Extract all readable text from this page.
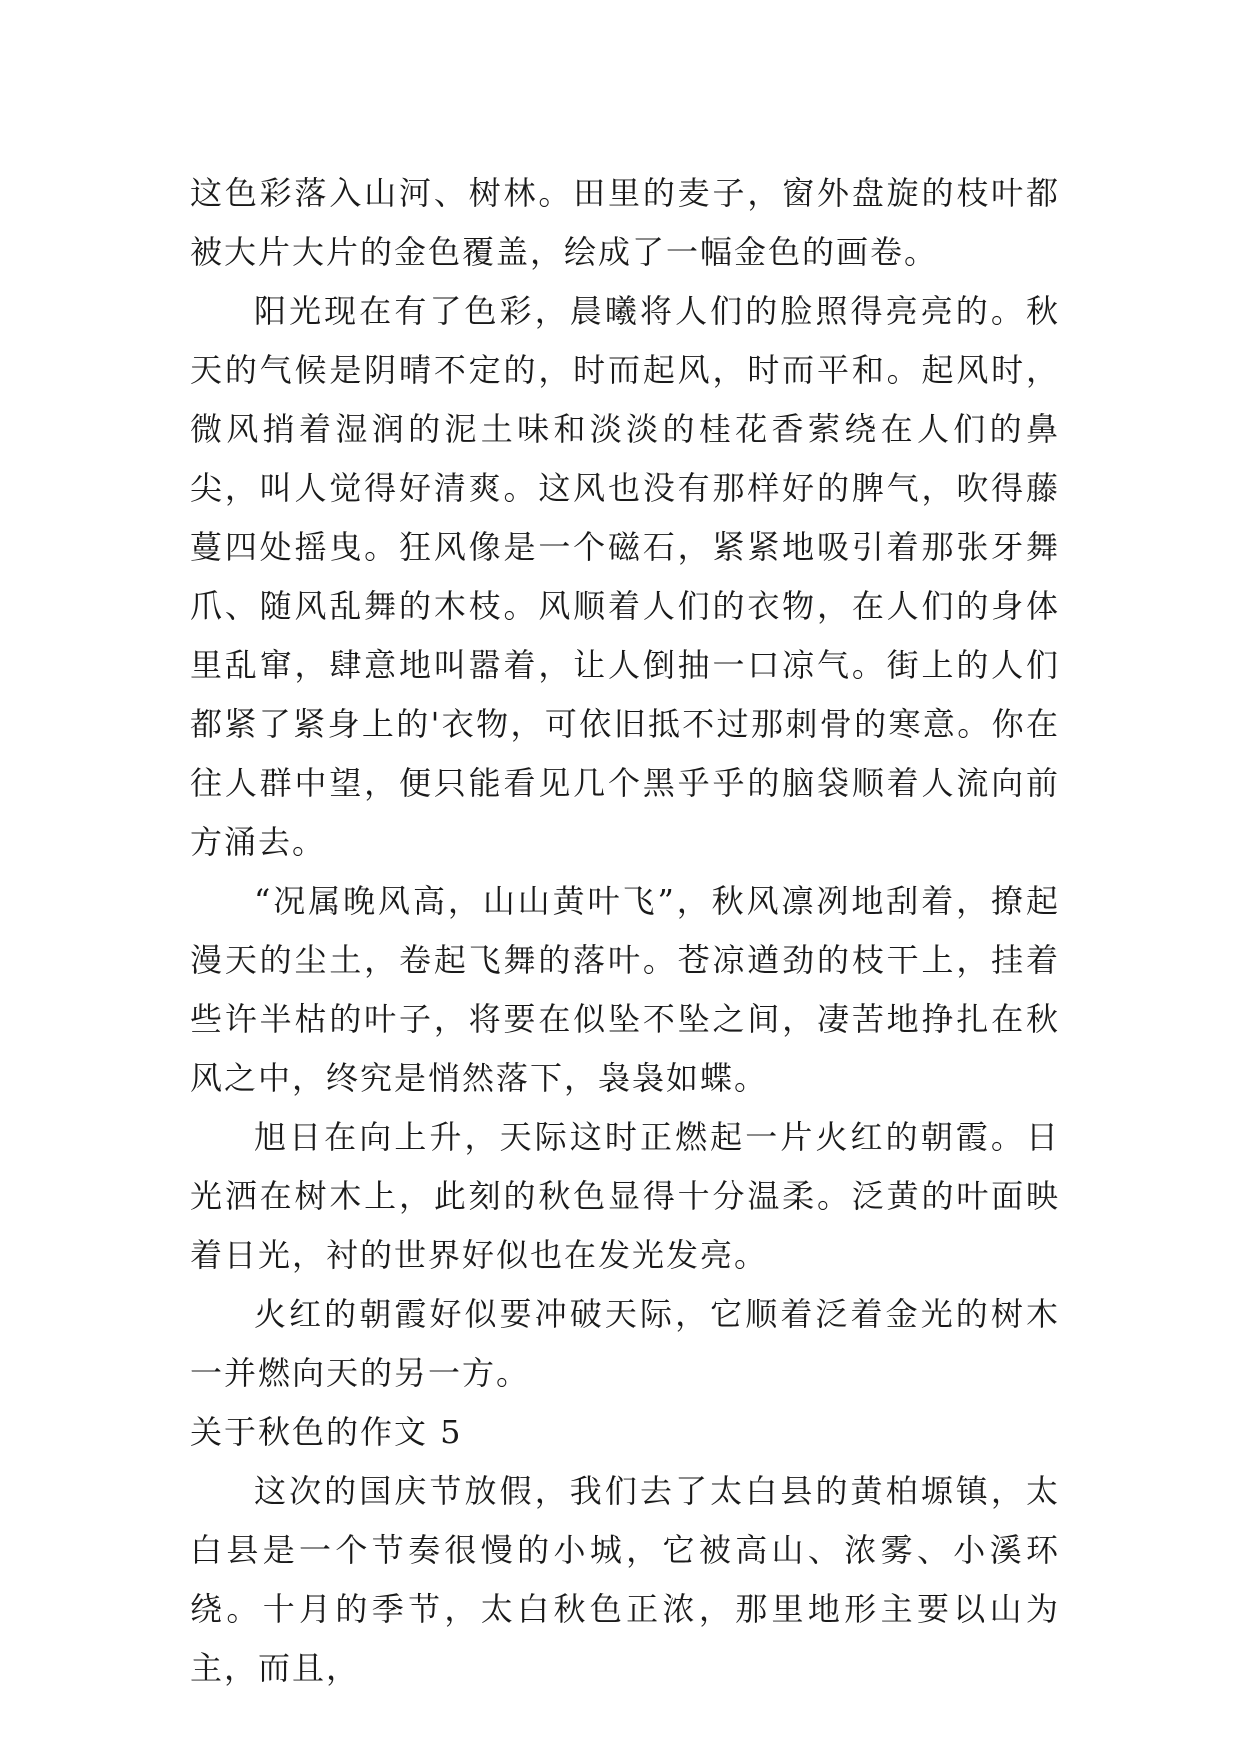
这色彩落入山河、树林。田里的麦子，窗外盘旋的枝叶都被大片大片的金色覆盖，绘成了一幅金色的画卷。

阳光现在有了色彩，晨曦将人们的脸照得亮亮的。秋天的气候是阴晴不定的，时而起风，时而平和。起风时，微风捎着湿润的泥土味和淡淡的桂花香萦绕在人们的鼻尖，叫人觉得好清爽。这风也没有那样好的脾气，吹得藤蔓四处摇曳。狂风像是一个磁石，紧紧地吸引着那张牙舞爪、随风乱舞的木枝。风顺着人们的衣物，在人们的身体里乱窜，肆意地叫嚣着，让人倒抽一口凉气。街上的人们都紧了紧身上的'衣物，可依旧抵不过那刺骨的寒意。你在往人群中望，便只能看见几个黑乎乎的脑袋顺着人流向前方涌去。

“况属晚风高，山山黄叶飞”，秋风凛冽地刮着，撩起漫天的尘土，卷起飞舞的落叶。苍凉遒劲的枝干上，挂着些许半枯的叶子，将要在似坠不坠之间，凄苦地挣扎在秋风之中，终究是悄然落下，袅袅如蝶。

旭日在向上升，天际这时正燃起一片火红的朝霞。日光洒在树木上，此刻的秋色显得十分温柔。泛黄的叶面映着日光，衬的世界好似也在发光发亮。

火红的朝霞好似要冲破天际，它顺着泛着金光的树木一并燃向天的另一方。

关于秋色的作文 5

这次的国庆节放假，我们去了太白县的黄柏塬镇，太白县是一个节奏很慢的小城，它被高山、浓雾、小溪环绕。十月的季节，太白秋色正浓，那里地形主要以山为主，而且，
